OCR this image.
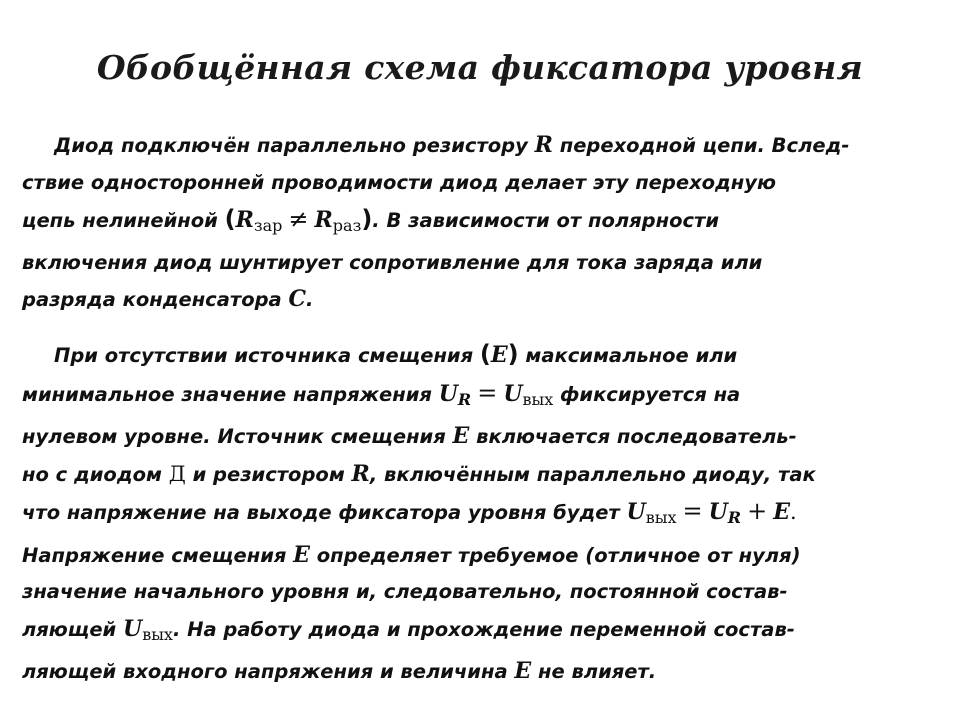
Обобщённая схема фиксатора уровня
Диод подключён параллельно резистору R переходной цепи. Вслед-
ствие односторонней проводимости диод делает эту переходную
цепь нелинейной $(R_{зар} \ne R_{раз})$. В зависимости от полярности
включения диод шунтирует сопротивление для тока заряда или
разряда конденсатора C.
При отсутствии источника смещения (E) максимальное или
минимальное значение напряжения $U_R = U_{вых}$ фиксируется на
нулевом уровне. Источник смещения E включается последователь-
но с диодом Д и резистором R, включённым параллельно диоду, так
что напряжение на выходе фиксатора уровня будет $U_{вых} = U_R + E$.
Напряжение смещения E определяет требуемое (отличное от нуля)
значение начального уровня и, следовательно, постоянной состав-
ляющей $U_{вых}$. На работу диода и прохождение переменной состав-
ляющей входного напряжения и величина E не влияет.
